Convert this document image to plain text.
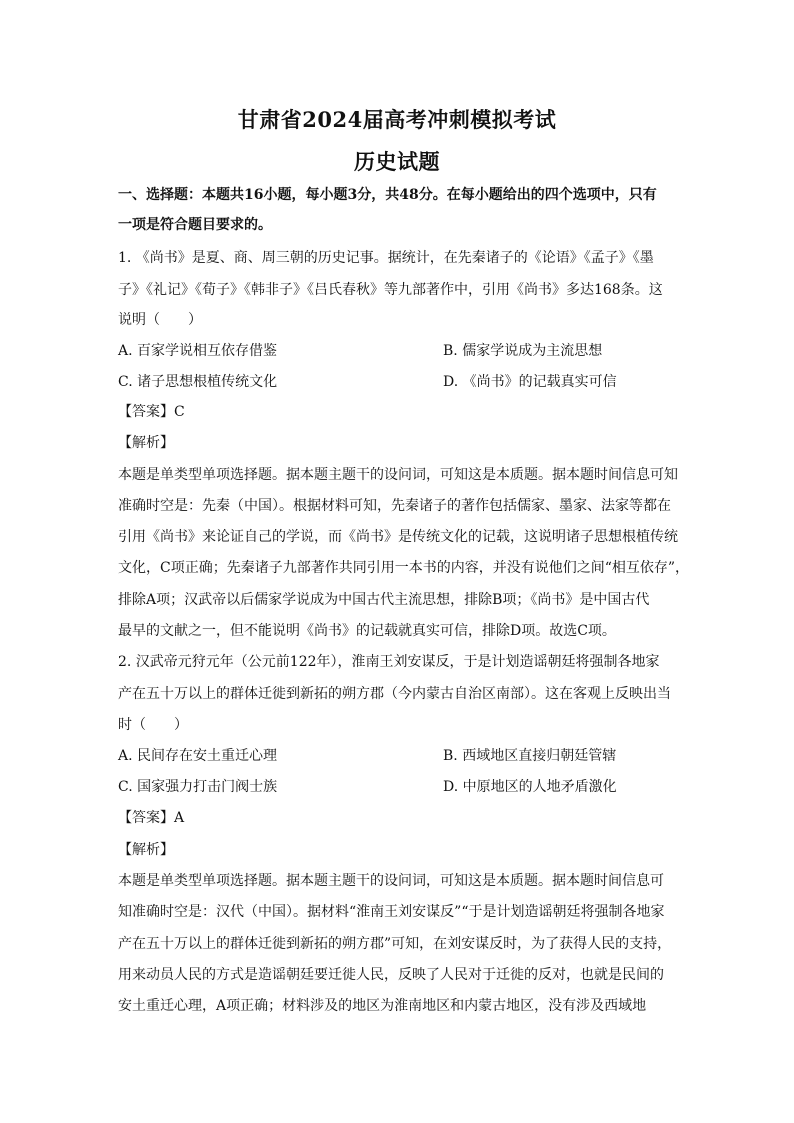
甘肃省2024届高考冲刺模拟考试
历史试题
一、选择题：本题共16小题，每小题3分，共48分。在每小题给出的四个选项中，只有
一项是符合题目要求的。
1. 《尚书》是夏、商、周三朝的历史记事。据统计，在先秦诸子的《论语》《孟子》《墨
子》《礼记》《荀子》《韩非子》《吕氏春秋》等九部著作中，引用《尚书》多达168条。这
说明（　　）
A. 百家学说相互依存借鉴	B. 儒家学说成为主流思想
C. 诸子思想根植传统文化	D. 《尚书》的记载真实可信
【答案】C
【解析】
本题是单类型单项选择题。据本题主题干的设问词，可知这是本质题。据本题时间信息可知
准确时空是：先秦（中国）。根据材料可知，先秦诸子的著作包括儒家、墨家、法家等都在
引用《尚书》来论证自己的学说，而《尚书》是传统文化的记载，这说明诸子思想根植传统
文化，C项正确；先秦诸子九部著作共同引用一本书的内容，并没有说他们之间“相互依存”，
排除A项；汉武帝以后儒家学说成为中国古代主流思想，排除B项；《尚书》是中国古代
最早的文献之一，但不能说明《尚书》的记载就真实可信，排除D项。故选C项。
2. 汉武帝元狩元年（公元前122年），淮南王刘安谋反，于是计划造谣朝廷将强制各地家
产在五十万以上的群体迁徙到新拓的朔方郡（今内蒙古自治区南部）。这在客观上反映出当
时（　　）
A. 民间存在安土重迁心理	B. 西域地区直接归朝廷管辖
C. 国家强力打击门阀士族	D. 中原地区的人地矛盾激化
【答案】A
【解析】
本题是单类型单项选择题。据本题主题干的设问词，可知这是本质题。据本题时间信息可
知准确时空是：汉代（中国）。据材料“淮南王刘安谋反”“于是计划造谣朝廷将强制各地家
产在五十万以上的群体迁徙到新拓的朔方郡”可知，在刘安谋反时，为了获得人民的支持，
用来动员人民的方式是造谣朝廷要迁徙人民，反映了人民对于迁徙的反对，也就是民间的
安土重迁心理，A项正确；材料涉及的地区为淮南地区和内蒙古地区，没有涉及西域地
